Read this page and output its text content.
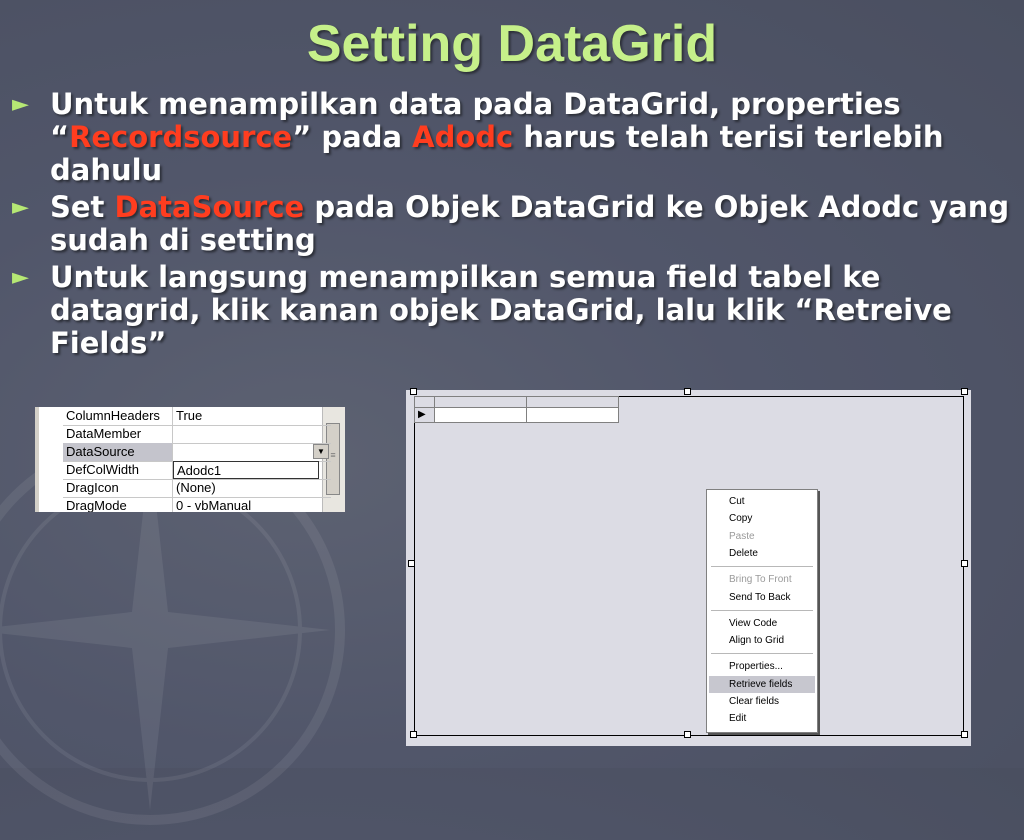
Setting DataGrid
► Untuk menampilkan data pada DataGrid, properties “Recordsource” pada Adodc harus telah terisi terlebih dahulu
► Set DataSource pada Objek DataGrid ke Objek Adodc yang sudah di setting
► Untuk langsung menampilkan semua field tabel ke datagrid, klik kanan objek DataGrid, lalu klik “Retreive Fields”
≡
ColumnHeaders	True
DataMember
DataSource	▼
DefColWidth	Adodc1
DragIcon	(None)
DragMode	0 - vbManual
▶
Cut
Copy
Paste
Delete
Bring To Front
Send To Back
View Code
Align to Grid
Properties...
Retrieve fields
Clear fields
Edit
